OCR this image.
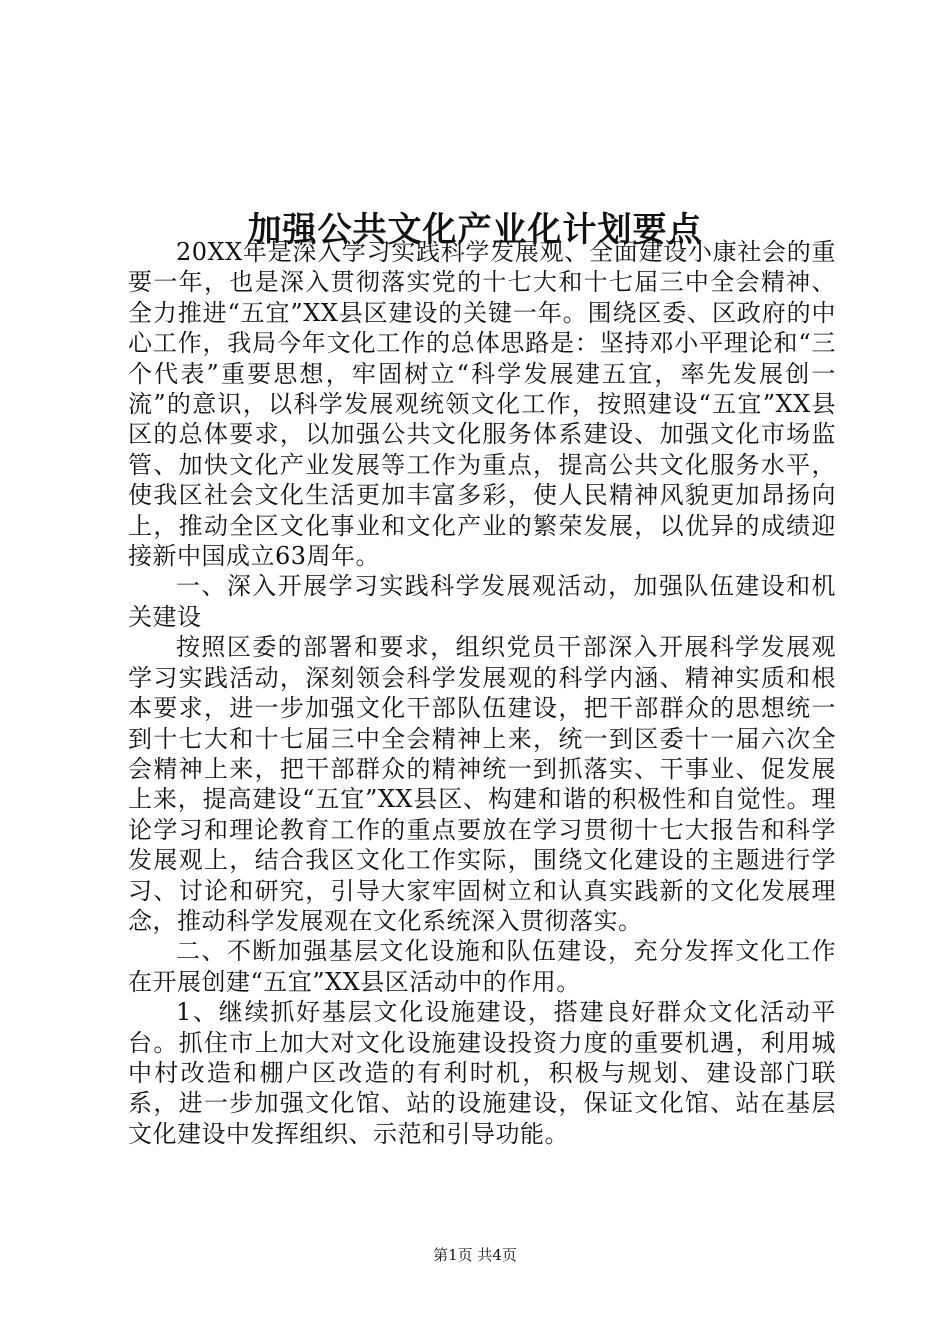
加强公共文化产业化计划要点

20XX年是深入学习实践科学发展观、全面建设小康社会的重要一年，也是深入贯彻落实党的十七大和十七届三中全会精神、全力推进“五宜”XX县区建设的关键一年。围绕区委、区政府的中心工作，我局今年文化工作的总体思路是：坚持邓小平理论和“三个代表”重要思想，牢固树立“科学发展建五宜，率先发展创一流”的意识，以科学发展观统领文化工作，按照建设“五宜”XX县区的总体要求，以加强公共文化服务体系建设、加强文化市场监管、加快文化产业发展等工作为重点，提高公共文化服务水平，使我区社会文化生活更加丰富多彩，使人民精神风貌更加昂扬向上，推动全区文化事业和文化产业的繁荣发展，以优异的成绩迎接新中国成立63周年。

一、深入开展学习实践科学发展观活动，加强队伍建设和机关建设

按照区委的部署和要求，组织党员干部深入开展科学发展观学习实践活动，深刻领会科学发展观的科学内涵、精神实质和根本要求，进一步加强文化干部队伍建设，把干部群众的思想统一到十七大和十七届三中全会精神上来，统一到区委十一届六次全会精神上来，把干部群众的精神统一到抓落实、干事业、促发展上来，提高建设“五宜”XX县区、构建和谐的积极性和自觉性。理论学习和理论教育工作的重点要放在学习贯彻十七大报告和科学发展观上，结合我区文化工作实际，围绕文化建设的主题进行学习、讨论和研究，引导大家牢固树立和认真实践新的文化发展理念，推动科学发展观在文化系统深入贯彻落实。

二、不断加强基层文化设施和队伍建设，充分发挥文化工作在开展创建“五宜”XX县区活动中的作用。

1、继续抓好基层文化设施建设，搭建良好群众文化活动平台。抓住市上加大对文化设施建设投资力度的重要机遇，利用城中村改造和棚户区改造的有利时机，积极与规划、建设部门联系，进一步加强文化馆、站的设施建设，保证文化馆、站在基层文化建设中发挥组织、示范和引导功能。

第1页 共4页
